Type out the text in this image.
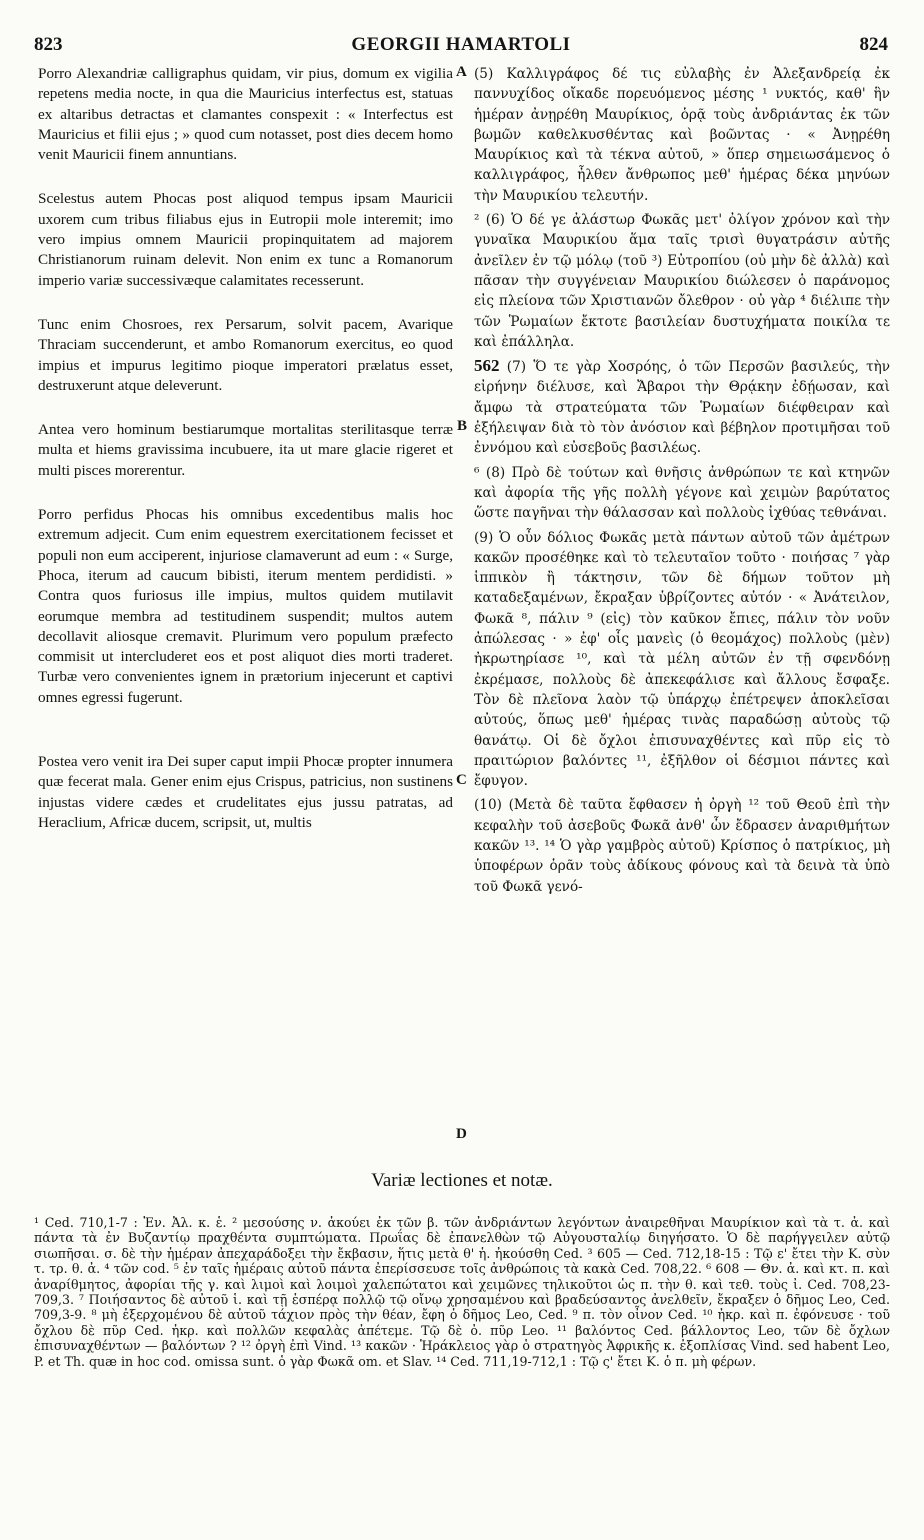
823	GEORGII HAMARTOLI	824
A
B
C
D

Porro Alexandriæ calligraphus quidam, vir pius, domum ex vigilia repetens media nocte, in qua die Mauricius interfectus est, statuas ex altaribus detractas et clamantes conspexit : « Interfectus est Mauricius et filii ejus ; » quod cum notasset, post dies decem homo venit Mauricii finem annuntians.

Scelestus autem Phocas post aliquod tempus ipsam Mauricii uxorem cum tribus filiabus ejus in Eutropii mole interemit; imo vero impius omnem Mauricii propinquitatem ad majorem Christianorum ruinam delevit. Non enim ex tunc a Romanorum imperio variæ successivæque calamitates recesserunt.

Tunc enim Chosroes, rex Persarum, solvit pacem, Avarique Thraciam succenderunt, et ambo Romanorum exercitus, eo quod impius et impurus legitimo pioque imperatori prælatus esset, destruxerunt atque deleverunt.

Antea vero hominum bestiarumque mortalitas sterilitasque terræ multa et hiems gravissima incubuere, ita ut mare glacie rigeret et multi pisces morerentur.

Porro perfidus Phocas his omnibus excedentibus malis hoc extremum adjecit. Cum enim equestrem exercitationem fecisset et populi non eum acciperent, injuriose clamaverunt ad eum : « Surge, Phoca, iterum ad caucum bibisti, iterum mentem perdidisti. » Contra quos furiosus ille impius, multos quidem mutilavit eorumque membra ad testitudinem suspendit; multos autem decollavit aliosque cremavit. Plurimum vero populum præfecto commisit ut intercluderet eos et post aliquot dies morti traderet. Turbæ vero convenientes ignem in prætorium injecerunt et captivi omnes egressi fugerunt.

Postea vero venit ira Dei super caput impii Phocæ propter innumera quæ fecerat mala. Gener enim ejus Crispus, patricius, non sustinens injustas videre cædes et crudelitates ejus jussu patratas, ad Heraclium, Africæ ducem, scripsit, ut, multis

(5) Καλλιγράφος δέ τις εὐλαβὴς ἐν Ἀλεξανδρείᾳ ἐκ παννυχίδος οἴκαδε πορευόμενος μέσης ¹ νυκτός, καθ' ἣν ἡμέραν ἀνῃρέθη Μαυρίκιος, ὁρᾷ τοὺς ἀνδριάντας ἐκ τῶν βωμῶν καθελκυσθέντας καὶ βοῶντας · « Ἀνῃρέθη Μαυρίκιος καὶ τὰ τέκνα αὐτοῦ, » ὅπερ σημειωσάμενος ὁ καλλιγράφος, ἦλθεν ἄνθρωπος μεθ' ἡμέρας δέκα μηνύων τὴν Μαυρικίου τελευτήν.

² (6) Ὁ δέ γε ἀλάστωρ Φωκᾶς μετ' ὀλίγον χρόνον καὶ τὴν γυναῖκα Μαυρικίου ἅμα ταῖς τρισὶ θυγατράσιν αὐτῆς ἀνεῖλεν ἐν τῷ μόλῳ (τοῦ ³) Εὐτροπίου (οὐ μὴν δὲ ἀλλὰ) καὶ πᾶσαν τὴν συγγένειαν Μαυρικίου διώλεσεν ὁ παράνομος εἰς πλείονα τῶν Χριστιανῶν ὄλεθρον · οὐ γὰρ ⁴ διέλιπε τὴν τῶν Ῥωμαίων ἔκτοτε βασιλείαν δυστυχήματα ποικίλα τε καὶ ἐπάλληλα.

562 (7) Ὅ τε γὰρ Χοσρόης, ὁ τῶν Περσῶν βασιλεύς, τὴν εἰρήνην διέλυσε, καὶ Ἄβαροι τὴν Θρᾴκην ἐδῄωσαν, καὶ ἄμφω τὰ στρατεύματα τῶν Ῥωμαίων διέφθειραν καὶ ἐξήλειψαν διὰ τὸ τὸν ἀνόσιον καὶ βέβηλον προτιμῆσαι τοῦ ἐννόμου καὶ εὐσεβοῦς βασιλέως.

⁶ (8) Πρὸ δὲ τούτων καὶ θνῆσις ἀνθρώπων τε καὶ κτηνῶν καὶ ἀφορία τῆς γῆς πολλὴ γέγονε καὶ χειμὼν βαρύτατος ὥστε παγῆναι τὴν θάλασσαν καὶ πολλοὺς ἰχθύας τεθνάναι.

(9) Ὁ οὖν δόλιος Φωκᾶς μετὰ πάντων αὐτοῦ τῶν ἀμέτρων κακῶν προσέθηκε καὶ τὸ τελευταῖον τοῦτο · ποιήσας ⁷ γὰρ ἱππικὸν ἢ τάκτησιν, τῶν δὲ δήμων τοῦτον μὴ καταδεξαμένων, ἔκραξαν ὑβρίζοντες αὐτόν · « Ἀνάτειλον, Φωκᾶ ⁸, πάλιν ⁹ (εἰς) τὸν καῦκον ἔπιες, πάλιν τὸν νοῦν ἀπώλεσας · » ἐφ' οἷς μανεὶς (ὁ θεομάχος) πολλοὺς (μὲν) ἠκρωτηρίασε ¹⁰, καὶ τὰ μέλη αὐτῶν ἐν τῇ σφενδόνῃ ἐκρέμασε, πολλοὺς δὲ ἀπεκεφάλισε καὶ ἄλλους ἔσφαξε. Τὸν δὲ πλεῖονα λαὸν τῷ ὑπάρχῳ ἐπέτρεψεν ἀποκλεῖσαι αὐτούς, ὅπως μεθ' ἡμέρας τινὰς παραδώσῃ αὐτοὺς τῷ θανάτῳ. Οἱ δὲ ὄχλοι ἐπισυναχθέντες καὶ πῦρ εἰς τὸ πραιτώριον βαλόντες ¹¹, ἐξῆλθον οἱ δέσμιοι πάντες καὶ ἔφυγον.

(10) (Μετὰ δὲ ταῦτα ἔφθασεν ἡ ὀργὴ ¹² τοῦ Θεοῦ ἐπὶ τὴν κεφαλὴν τοῦ ἀσεβοῦς Φωκᾶ ἀνθ' ὧν ἔδρασεν ἀναριθμήτων κακῶν ¹³. ¹⁴ Ὁ γὰρ γαμβρὸς αὐτοῦ) Κρίσπος ὁ πατρίκιος, μὴ ὑποφέρων ὁρᾶν τοὺς ἀδίκους φόνους καὶ τὰ δεινὰ τὰ ὑπὸ τοῦ Φωκᾶ γενό-

Variæ lectiones et notæ.

¹ Ced. 710,1-7 : Ἐν. Ἀλ. κ. ἑ. ² μεσούσης ν. ἀκούει ἐκ τῶν β. τῶν ἀνδριάντων λεγόντων ἀναιρεθῆναι Μαυρίκιον καὶ τὰ τ. ἀ. καὶ πάντα τὰ ἐν Βυζαντίῳ πραχθέντα συμπτώματα. Πρωΐας δὲ ἐπανελθὼν τῷ Αὐγουσταλίῳ διηγήσατο. Ὁ δὲ παρήγγειλεν αὐτῷ σιωπῆσαι. σ. δὲ τὴν ἡμέραν ἀπεχαράδοξει τὴν ἔκβασιν, ἥτις μετὰ θ' ἡ. ἠκούσθη Ced. ³ 605 — Ced. 712,18-15 : Τῷ ε' ἔτει τὴν Κ. σὺν τ. τρ. θ. ἀ. ⁴ τῶν cod. ⁵ ἐν ταῖς ἡμέραις αὐτοῦ πάντα ἐπερίσσευσε τοῖς ἀνθρώποις τὰ κακὰ Ced. 708,22. ⁶ 608 — Θν. ἀ. καὶ κτ. π. καὶ ἀναρίθμητος, ἀφορίαι τῆς γ. καὶ λιμοὶ καὶ λοιμοὶ χαλεπώτατοι καὶ χειμῶνες τηλικοῦτοι ὡς π. τὴν θ. καὶ τεθ. τοὺς ἰ. Ced. 708,23-709,3. ⁷ Ποιήσαντος δὲ αὐτοῦ ἱ. καὶ τῇ ἑσπέρᾳ πολλῷ τῷ οἴνῳ χρησαμένου καὶ βραδεύσαντος ἀνελθεῖν, ἔκραξεν ὁ δῆμος Leo, Ced. 709,3-9. ⁸ μὴ ἐξερχομένου δὲ αὐτοῦ τάχιον πρὸς τὴν θέαν, ἔφη ὁ δῆμος Leo, Ced. ⁹ π. τὸν οἶνον Ced. ¹⁰ ἠκρ. καὶ π. ἐφόνευσε · τοῦ ὄχλου δὲ πῦρ Ced. ἠκρ. καὶ πολλῶν κεφαλὰς ἀπέτεμε. Τῷ δὲ ὀ. πῦρ Leo. ¹¹ βαλόντος Ced. βάλλοντος Leo, τῶν δὲ ὄχλων ἐπισυναχθέντων — βαλόντων ? ¹² ὀργὴ ἐπὶ Vind. ¹³ κακῶν · Ἡράκλειος γὰρ ὁ στρατηγὸς Ἀφρικῆς κ. ἐξοπλίσας Vind. sed habent Leo, P. et Th. quæ in hoc cod. omissa sunt. ὁ γὰρ Φωκᾶ om. et Slav. ¹⁴ Ced. 711,19-712,1 : Τῷ ς' ἔτει Κ. ὁ π. μὴ φέρων.
